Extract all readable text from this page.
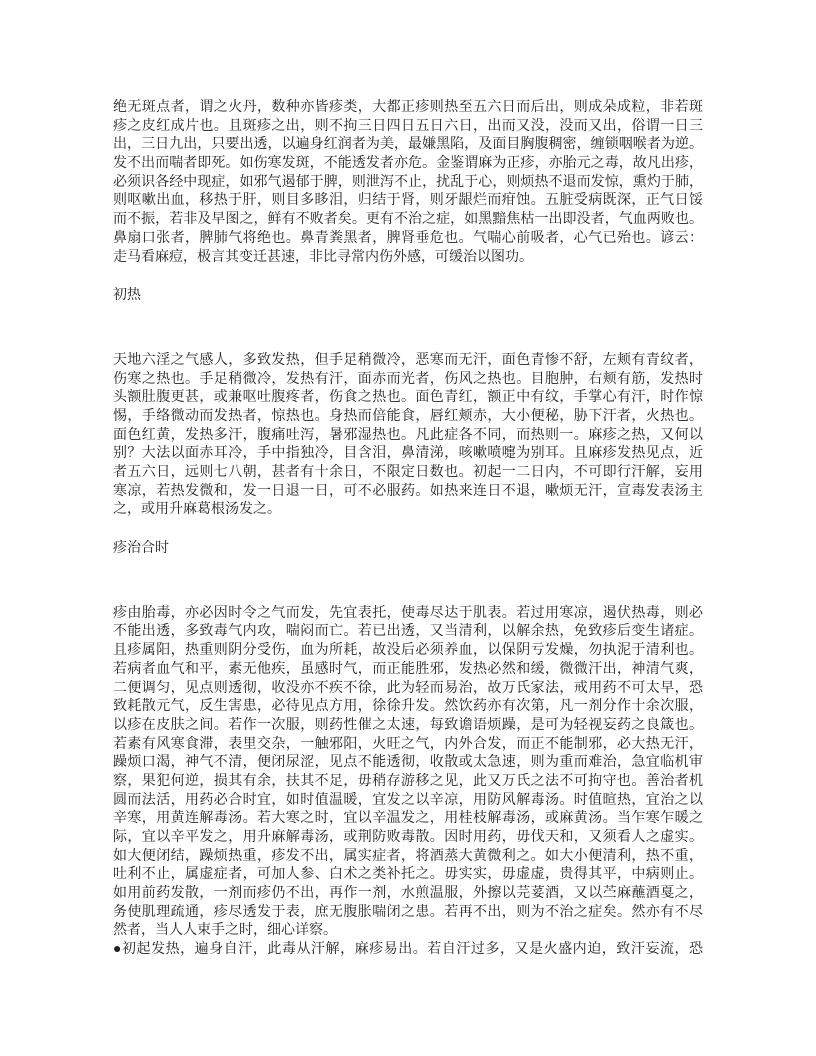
绝无斑点者，谓之火丹，数种亦皆疹类，大都正疹则热至五六日而后出，则成朵成粒，非若斑
疹之皮红成片也。且斑疹之出，则不拘三日四日五日六日，出而又没，没而又出，俗谓一日三
出，三日九出，只要出透，以遍身红润者为美，最嫌黑陷，及面目胸腹稠密，缠锁咽喉者为逆。
发不出而喘者即死。如伤寒发斑，不能透发者亦危。金鉴谓麻为正疹，亦胎元之毒，故凡出疹，
必须识各经中现症，如邪气遏郁于脾，则泄泻不止，扰乱于心，则烦热不退而发惊，熏灼于肺，
则呕嗽出血，移热于肝，则目多眵泪，归结于肾，则牙龈烂而疳蚀。五脏受病既深，正气日馁
而不振，若非及早图之，鲜有不败者矣。更有不治之症，如黑黯焦枯一出即没者，气血两败也。
鼻扇口张者，脾肺气将绝也。鼻青粪黑者，脾肾垂危也。气喘心前吸者，心气已殆也。谚云：
走马看麻痘，极言其变迁甚速，非比寻常内伤外感，可缓治以图功。
初热
天地六淫之气感人，多致发热，但手足稍微冷，恶寒而无汗，面色青惨不舒，左颊有青纹者，
伤寒之热也。手足稍微冷，发热有汗，面赤而光者，伤风之热也。目胞肿，右颊有筋，发热时
头额肚腹更甚，或兼呕吐腹疼者，伤食之热也。面色青红，额正中有纹，手掌心有汗，时作惊
惕，手络微动而发热者，惊热也。身热而倍能食，唇红颊赤，大小便秘，胁下汗者，火热也。
面色红黄，发热多汗，腹痛吐泻，暑邪湿热也。凡此症各不同，而热则一。麻疹之热，又何以
别？大法以面赤耳冷，手中指独冷，目含泪，鼻清涕，咳嗽喷嚏为别耳。且麻疹发热见点，近
者五六日，远则七八朝，甚者有十余日，不限定日数也。初起一二日内，不可即行汗解，妄用
寒凉，若热发微和，发一日退一日，可不必服药。如热来连日不退，嗽烦无汗，宣毒发表汤主
之，或用升麻葛根汤发之。
疹治合时
疹由胎毒，亦必因时令之气而发，先宜表托，使毒尽达于肌表。若过用寒凉，遏伏热毒，则必
不能出透，多致毒气内攻，喘闷而亡。若已出透，又当清利，以解余热，免致疹后变生诸症。
且疹属阳，热重则阴分受伤，血为所耗，故没后必须养血，以保阴亏发燥，勿执泥于清利也。
若病者血气和平，素无他疾，虽感时气，而正能胜邪，发热必然和缓，微微汗出，神清气爽，
二便调匀，见点则透彻，收没亦不疾不徐，此为轻而易治，故万氏家法，戒用药不可太早，恐
致耗散元气，反生害患，必待见点方用，徐徐升发。然饮药亦有次第，凡一剂分作十余次服，
以疹在皮肤之间。若作一次服，则药性催之太速，每致谵语烦躁，是可为轻视妄药之良箴也。
若素有风寒食滞，表里交杂，一触邪阳，火旺之气，内外合发，而正不能制邪，必大热无汗，
躁烦口渴，神气不清，便闭尿涩，见点不能透彻，收散或太急速，则为重而难治，急宜临机审
察，果犯何逆，损其有余，扶其不足，毋稍存游移之见，此又万氏之法不可拘守也。善治者机
圆而法活，用药必合时宜，如时值温暖，宜发之以辛凉，用防风解毒汤。时值暄热，宜治之以
辛寒，用黄连解毒汤。若大寒之时，宜以辛温发之，用桂枝解毒汤，或麻黄汤。当乍寒乍暖之
际，宜以辛平发之，用升麻解毒汤，或荆防败毒散。因时用药，毋伐天和，又须看人之虚实。
如大便闭结，躁烦热重，疹发不出，属实症者，将酒蒸大黄微利之。如大小便清利，热不重，
吐利不止，属虚症者，可加人参、白术之类补托之。毋实实，毋虚虚，贵得其平，中病则止。
如用前药发散，一剂而疹仍不出，再作一剂，水煎温服，外擦以芫荽酒，又以苎麻蘸酒戛之，
务使肌理疏通，疹尽透发于表，庶无腹胀喘闭之患。若再不出，则为不治之症矣。然亦有不尽
然者，当人人束手之时，细心详察。
●初起发热，遍身自汗，此毒从汗解，麻疹易出。若自汗过多，又是火盛内迫，致汗妄流，恐
